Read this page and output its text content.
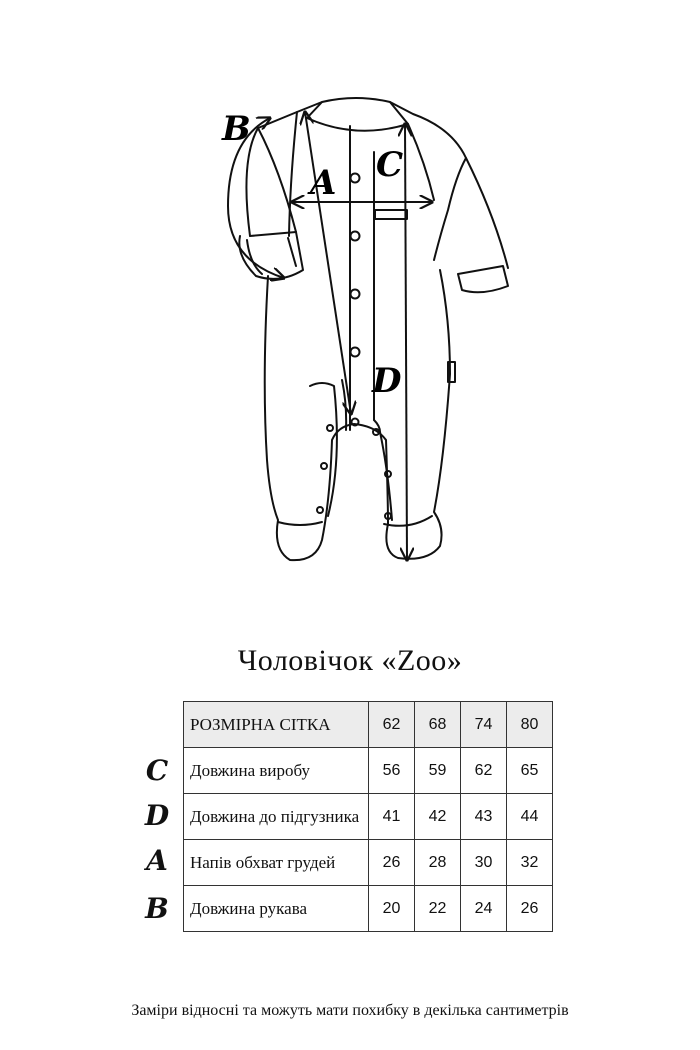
B
A C
D
Чоловічок «Zoo»
C
D
A
B
РОЗМІРНА СІТКА	62	68	74	80
Довжина виробу	56	59	62	65
Довжина до підгузника	41	42	43	44
Напів обхват грудей	26	28	30	32
Довжина рукава	20	22	24	26
Заміри відносні та можуть мати похибку в декілька сантиметрів
